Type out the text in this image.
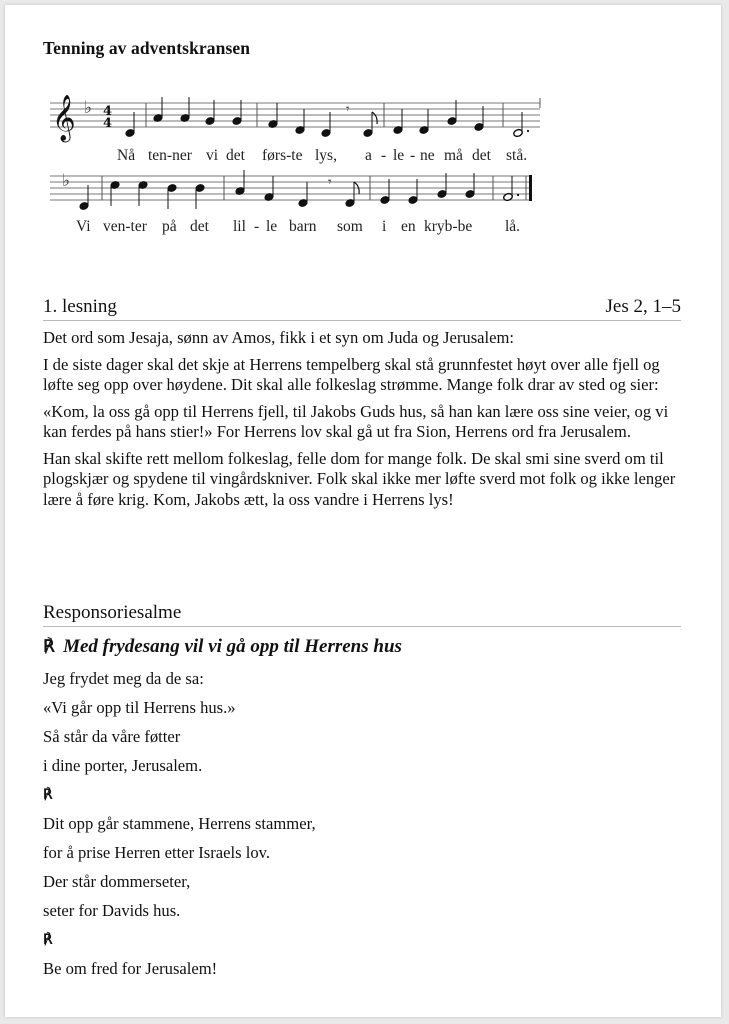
Tenning av adventskransen
𝄞 ♭
♭
4
4
𝄾
𝄾
Nå ten-ner vi det førs-te lys, a - le - ne må det stå.
Vi ven-ter på det lil - le barn som i en kryb-be lå.
1. lesning	Jes 2, 1–5

Det ord som Jesaja, sønn av Amos, fikk i et syn om Juda og Jerusalem:

I de siste dager skal det skje at Herrens tempelberg skal stå grunnfestet høyt over alle fjell og løfte seg opp over høydene. Dit skal alle folkeslag strømme. Mange folk drar av sted og sier:

«Kom, la oss gå opp til Herrens fjell, til Jakobs Guds hus, så han kan lære oss sine veier, og vi kan ferdes på hans stier!» For Herrens lov skal gå ut fra Sion, Herrens ord fra Jerusalem.

Han skal skifte rett mellom folkeslag, felle dom for mange folk. De skal smi sine sverd om til plogskjær og spydene til vingårdskniver. Folk skal ikke mer løfte sverd mot folk og ikke lenger lære å føre krig. Kom, Jakobs ætt, la oss vandre i Herrens lys!

Responsoriesalme
℟ Med frydesang vil vi gå opp til Herrens hus
Jeg frydet meg da de sa:
«Vi går opp til Herrens hus.»
Så står da våre føtter
i dine porter, Jerusalem.
℟
Dit opp går stammene, Herrens stammer,
for å prise Herren etter Israels lov.
Der står dommerseter,
seter for Davids hus.
℟
Be om fred for Jerusalem!
